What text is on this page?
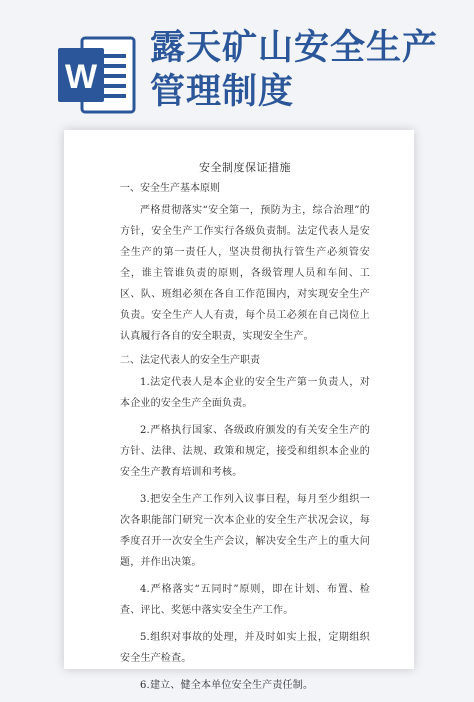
W
露天矿山安全生产管理制度
安全制度保证措施
一、安全生产基本原则

严格贯彻落实“安全第一，预防为主，综合治理”的方针，安全生产工作实行各级负责制。法定代表人是安全生产的第一责任人，坚决贯彻执行管生产必须管安全，谁主管谁负责的原则，各级管理人员和车间、工区、队、班组必须在各自工作范围内，对实现安全生产负责。安全生产人人有责，每个员工必须在自己岗位上认真履行各自的安全职责，实现安全生产。

二、法定代表人的安全生产职责

1.法定代表人是本企业的安全生产第一负责人，对本企业的安全生产全面负责。

2.严格执行国家、各级政府颁发的有关安全生产的方针、法律、法规、政策和规定，接受和组织本企业的安全生产教育培训和考核。

3.把安全生产工作列入议事日程，每月至少组织一次各职能部门研究一次本企业的安全生产状况会议，每季度召开一次安全生产会议，解决安全生产上的重大问题，并作出决策。

4.严格落实“五同时”原则，即在计划、布置、检查、评比、奖惩中落实安全生产工作。

5.组织对事故的处理，并及时如实上报，定期组织安全生产检查。

6.建立、健全本单位安全生产责任制。
